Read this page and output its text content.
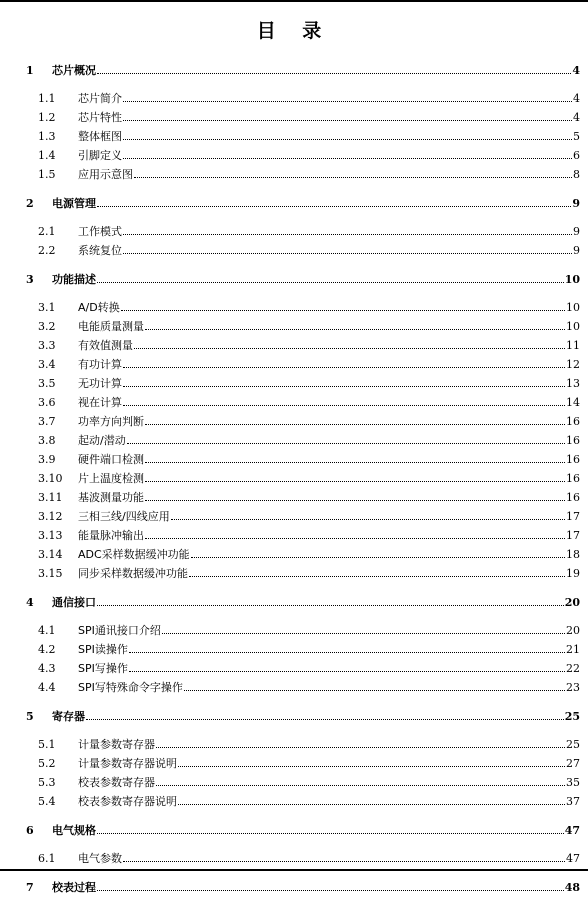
目 录
1	芯片概况	4
1.1	芯片简介	4
1.2	芯片特性	4
1.3	整体框图	5
1.4	引脚定义	6
1.5	应用示意图	8
2	电源管理	9
2.1	工作模式	9
2.2	系统复位	9
3	功能描述	10
3.1	A/D转换	10
3.2	电能质量测量	10
3.3	有效值测量	11
3.4	有功计算	12
3.5	无功计算	13
3.6	视在计算	14
3.7	功率方向判断	16
3.8	起动/潜动	16
3.9	硬件端口检测	16
3.10	片上温度检测	16
3.11	基波测量功能	16
3.12	三相三线/四线应用	17
3.13	能量脉冲输出	17
3.14	ADC采样数据缓冲功能	18
3.15	同步采样数据缓冲功能	19
4	通信接口	20
4.1	SPI通讯接口介绍	20
4.2	SPI读操作	21
4.3	SPI写操作	22
4.4	SPI写特殊命令字操作	23
5	寄存器	25
5.1	计量参数寄存器	25
5.2	计量参数寄存器说明	27
5.3	校表参数寄存器	35
5.4	校表参数寄存器说明	37
6	电气规格	47
6.1	电气参数	47
7	校表过程	48
